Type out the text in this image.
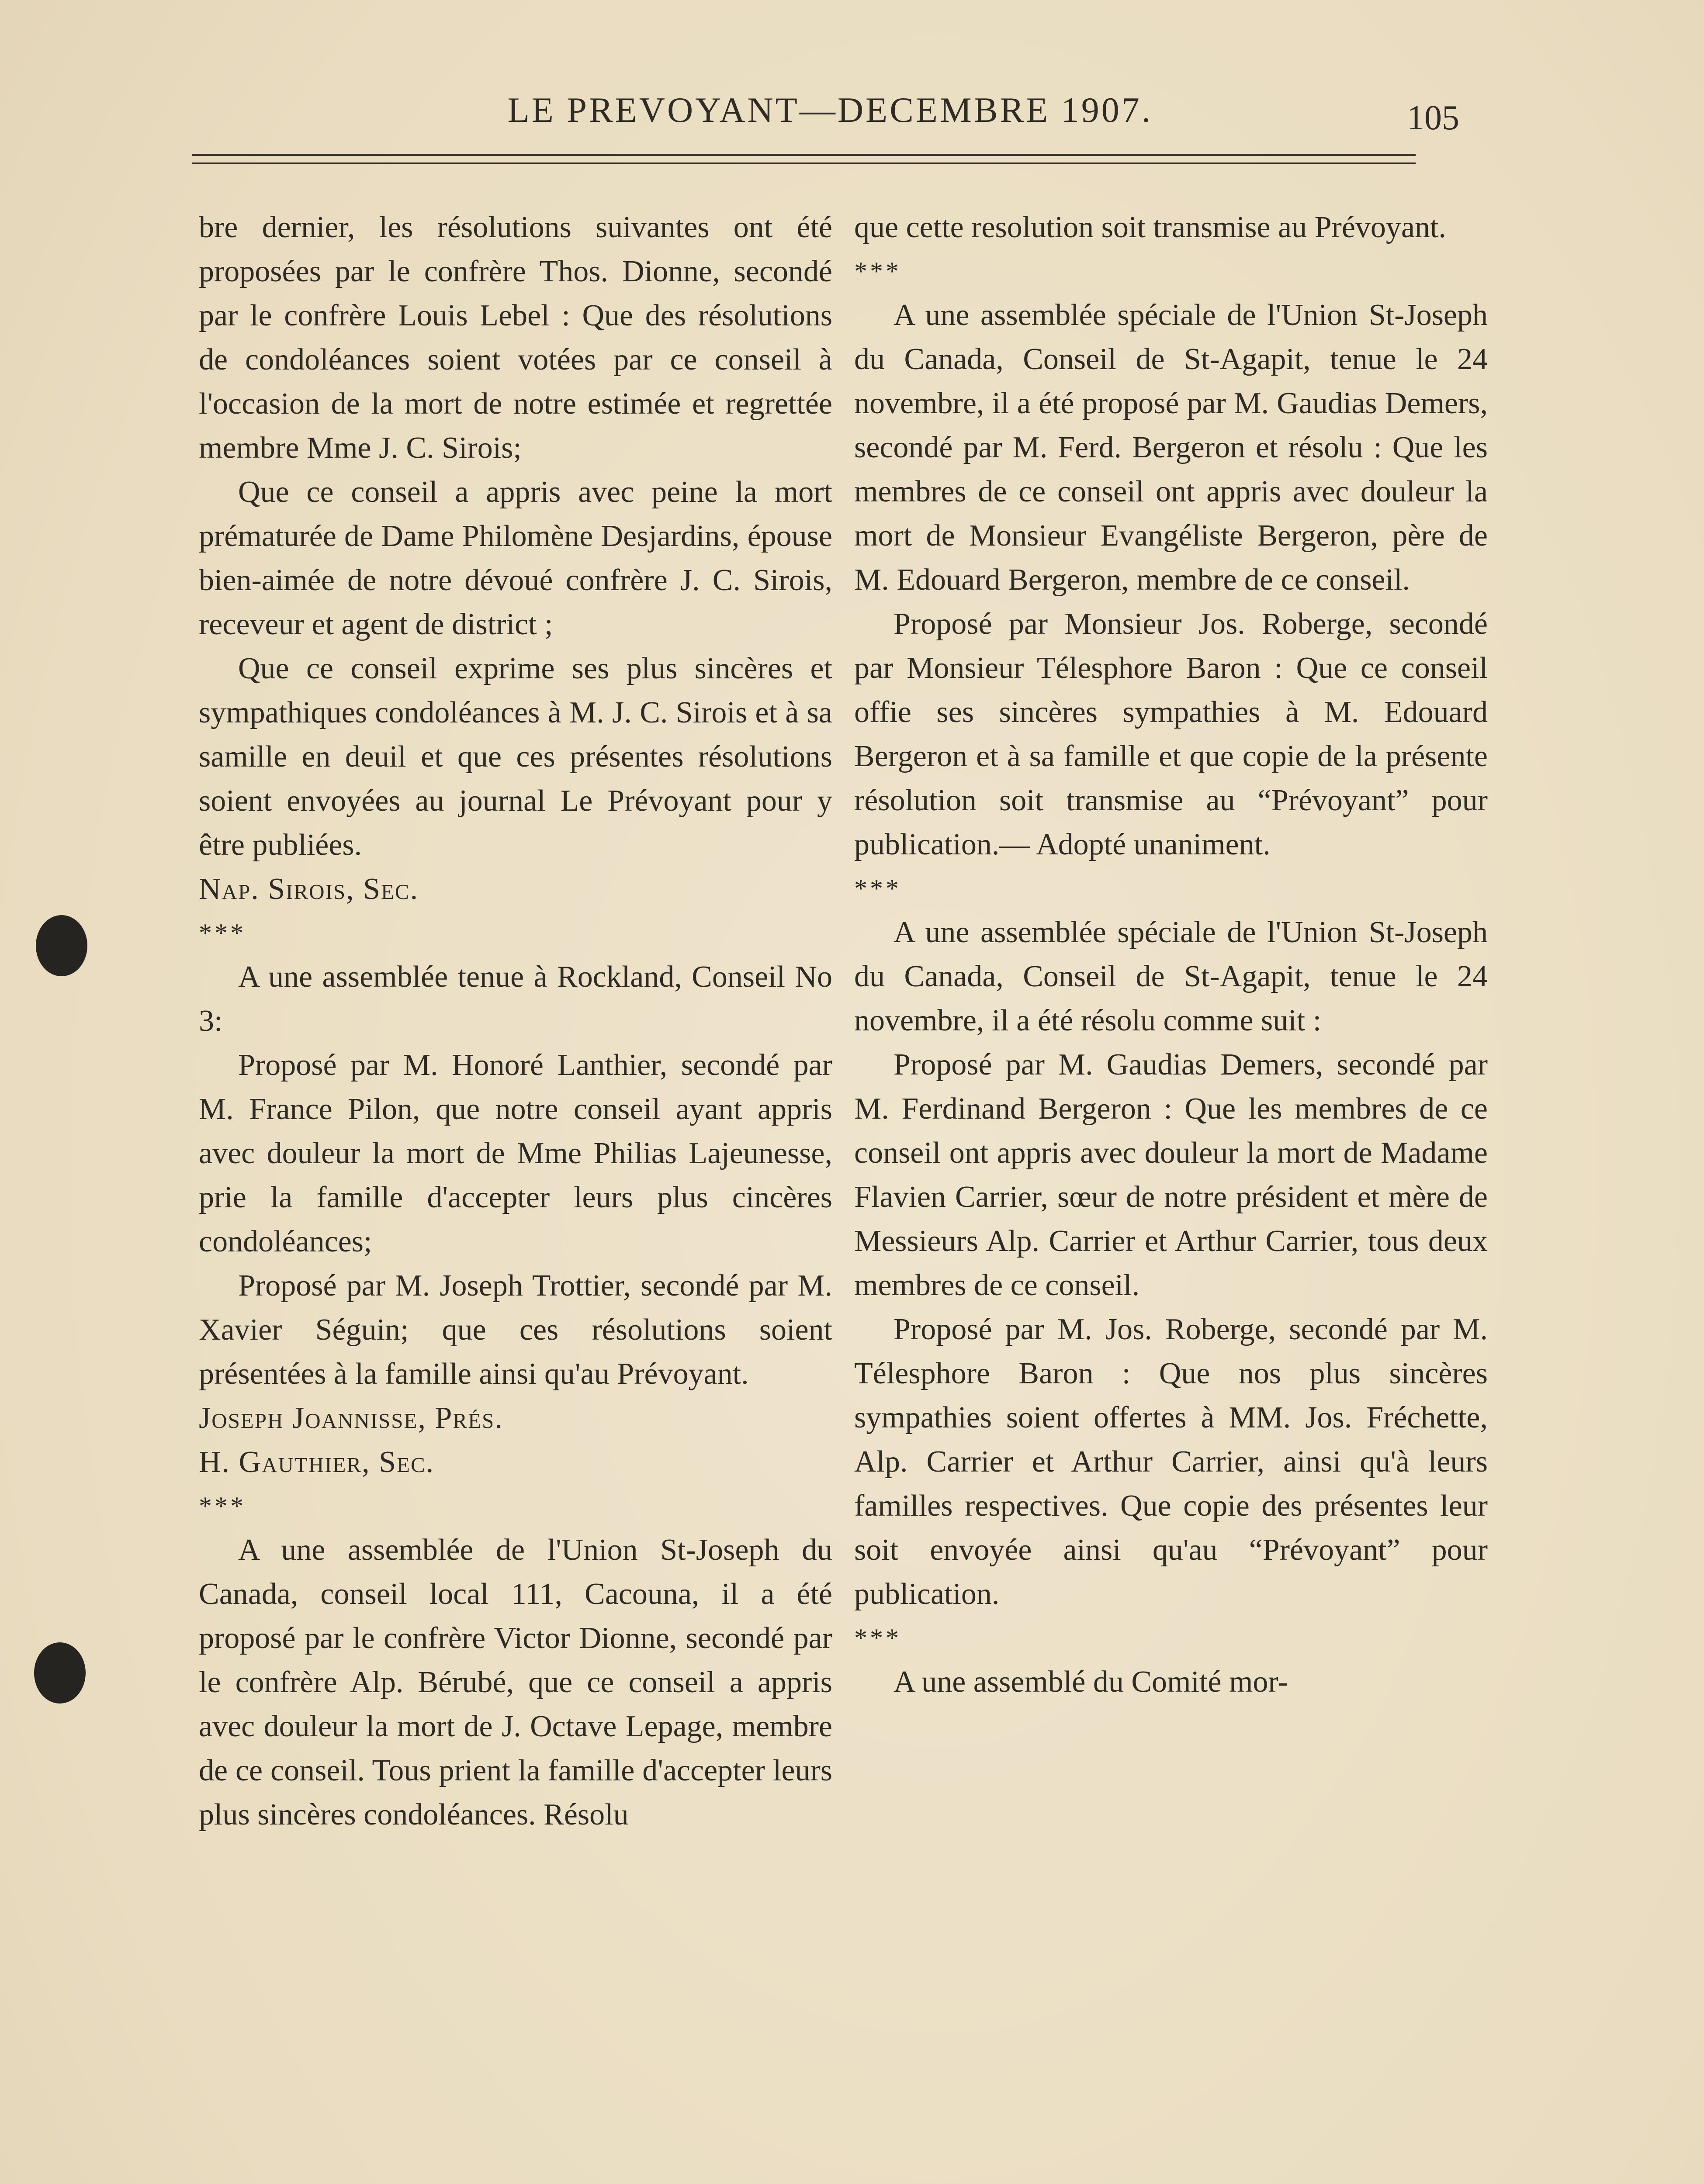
LE PREVOYANT—DECEMBRE 1907.	105

bre dernier, les résolutions suivantes ont été proposées par le confrère Thos. Dionne, secondé par le confrère Louis Lebel : Que des résolutions de condoléances soient votées par ce conseil à l'occasion de la mort de notre estimée et regrettée membre Mme J. C. Sirois;

Que ce conseil a appris avec peine la mort prématurée de Dame Philomène Desjardins, épouse bien-aimée de notre dévoué confrère J. C. Sirois, receveur et agent de district ;

Que ce conseil exprime ses plus sincères et sympathiques condoléances à M. J. C. Sirois et à sa samille en deuil et que ces présentes résolutions soient envoyées au journal Le Prévoyant pour y être publiées.

Nap. Sirois, Sec.

***

A une assemblée tenue à Rockland, Conseil No 3:

Proposé par M. Honoré Lanthier, secondé par M. France Pilon, que notre conseil ayant appris avec douleur la mort de Mme Philias Lajeunesse, prie la famille d'accepter leurs plus cincères condoléances;

Proposé par M. Joseph Trottier, secondé par M. Xavier Séguin; que ces résolutions soient présentées à la famille ainsi qu'au Prévoyant.

Joseph Joannisse, Prés.

H. Gauthier, Sec.

***

A une assemblée de l'Union St-Joseph du Canada, conseil local 111, Cacouna, il a été proposé par le confrère Victor Dionne, secondé par le confrère Alp. Bérubé, que ce conseil a appris avec douleur la mort de J. Octave Lepage, membre de ce conseil. Tous prient la famille d'accepter leurs plus sincères condoléances. Résolu

que cette resolution soit transmise au Prévoyant.

***

A une assemblée spéciale de l'Union St-Joseph du Canada, Conseil de St-Agapit, tenue le 24 novembre, il a été proposé par M. Gaudias Demers, secondé par M. Ferd. Bergeron et résolu : Que les membres de ce conseil ont appris avec douleur la mort de Monsieur Evangéliste Bergeron, père de M. Edouard Bergeron, membre de ce conseil.

Proposé par Monsieur Jos. Roberge, secondé par Monsieur Télesphore Baron : Que ce conseil offie ses sincères sympathies à M. Edouard Bergeron et à sa famille et que copie de la présente résolution soit transmise au “Prévoyant” pour publication.— Adopté unaniment.

***

A une assemblée spéciale de l'Union St-Joseph du Canada, Conseil de St-Agapit, tenue le 24 novembre, il a été résolu comme suit :

Proposé par M. Gaudias Demers, secondé par M. Ferdinand Bergeron : Que les membres de ce conseil ont appris avec douleur la mort de Madame Flavien Carrier, sœur de notre président et mère de Messieurs Alp. Carrier et Arthur Carrier, tous deux membres de ce conseil.

Proposé par M. Jos. Roberge, secondé par M. Télesphore Baron : Que nos plus sincères sympathies soient offertes à MM. Jos. Fréchette, Alp. Carrier et Arthur Carrier, ainsi qu'à leurs familles respectives. Que copie des présentes leur soit envoyée ainsi qu'au “Prévoyant” pour publication.

***

A une assemblé du Comité mor-
